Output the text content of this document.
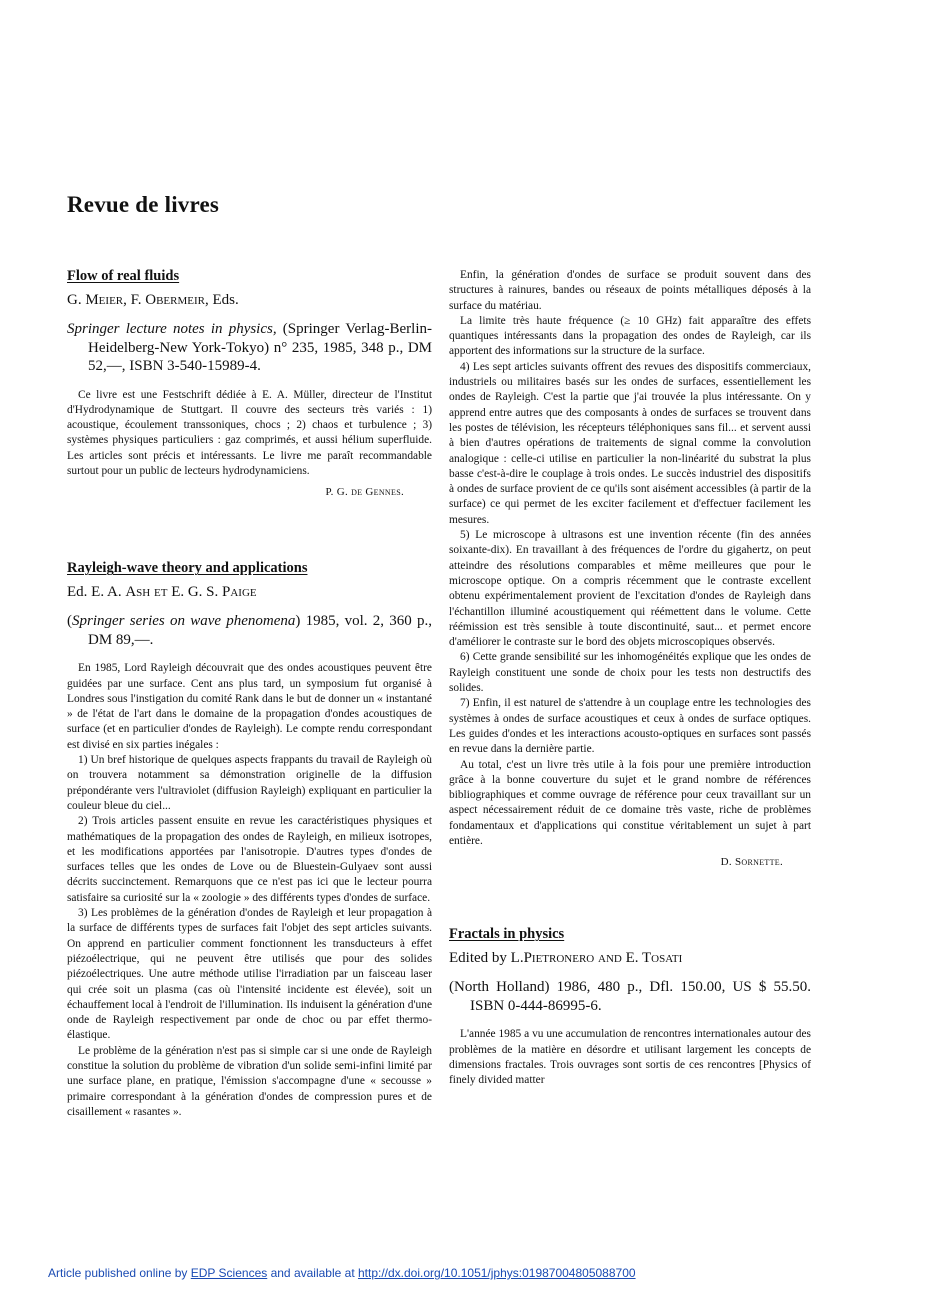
Revue de livres
Flow of real fluids
G. Meier, F. Obermeir, Eds.

Springer lecture notes in physics, (Springer Verlag-Berlin-Heidelberg-New York-Tokyo) n° 235, 1985, 348 p., DM 52,—, ISBN 3-540-15989-4.

Ce livre est une Festschrift dédiée à E. A. Müller, directeur de l'Institut d'Hydrodynamique de Stuttgart. Il couvre des secteurs très variés : 1) acoustique, écoulement transsoniques, chocs ; 2) chaos et turbulence ; 3) systèmes physiques particuliers : gaz comprimés, et aussi hélium superfluide. Les articles sont précis et intéressants. Le livre me paraît recommandable surtout pour un public de lecteurs hydrodynamiciens.

P. G. de Gennes.
Rayleigh-wave theory and applications
Ed. E. A. Ash et E. G. S. Paige

(Springer series on wave phenomena) 1985, vol. 2, 360 p., DM 89,—.

En 1985, Lord Rayleigh découvrait que des ondes acoustiques peuvent être guidées par une surface. Cent ans plus tard, un symposium fut organisé à Londres sous l'instigation du comité Rank dans le but de donner un « instantané » de l'état de l'art dans le domaine de la propagation d'ondes acoustiques de surface (et en particulier d'ondes de Rayleigh). Le compte rendu correspondant est divisé en six parties inégales :

1) Un bref historique de quelques aspects frappants du travail de Rayleigh où on trouvera notamment sa démonstration originelle de la diffusion prépondérante vers l'ultraviolet (diffusion Rayleigh) expliquant en particulier la couleur bleue du ciel...

2) Trois articles passent ensuite en revue les caractéristiques physiques et mathématiques de la propagation des ondes de Rayleigh, en milieux isotropes, et les modifications apportées par l'anisotropie. D'autres types d'ondes de surfaces telles que les ondes de Love ou de Bluestein-Gulyaev sont aussi décrits succinctement. Remarquons que ce n'est pas ici que le lecteur pourra satisfaire sa curiosité sur la « zoologie » des différents types d'ondes de surface.

3) Les problèmes de la génération d'ondes de Rayleigh et leur propagation à la surface de différents types de surfaces fait l'objet des sept articles suivants. On apprend en particulier comment fonctionnent les transducteurs à effet piézoélectrique, qui ne peuvent être utilisés que pour des solides piézoélectriques. Une autre méthode utilise l'irradiation par un faisceau laser qui crée soit un plasma (cas où l'intensité incidente est élevée), soit un échauffement local à l'endroit de l'illumination. Ils induisent la génération d'une onde de Rayleigh respectivement par onde de choc ou par effet thermo-élastique.

Le problème de la génération n'est pas si simple car si une onde de Rayleigh constitue la solution du problème de vibration d'un solide semi-infini limité par une surface plane, en pratique, l'émission s'accompagne d'une « secousse » primaire correspondant à la génération d'ondes de compression pures et de cisaillement « rasantes ».

Enfin, la génération d'ondes de surface se produit souvent dans des structures à rainures, bandes ou réseaux de points métalliques déposés à la surface du matériau.

La limite très haute fréquence (≥ 10 GHz) fait apparaître des effets quantiques intéressants dans la propagation des ondes de Rayleigh, car ils apportent des informations sur la structure de la surface.

4) Les sept articles suivants offrent des revues des dispositifs commerciaux, industriels ou militaires basés sur les ondes de surfaces, essentiellement les ondes de Rayleigh. C'est la partie que j'ai trouvée la plus intéressante. On y apprend entre autres que des composants à ondes de surfaces se trouvent dans les postes de télévision, les récepteurs téléphoniques sans fil... et servent aussi à bien d'autres opérations de traitements de signal comme la convolution analogique : celle-ci utilise en particulier la non-linéarité du substrat la plus basse c'est-à-dire le couplage à trois ondes. Le succès industriel des dispositifs à ondes de surface provient de ce qu'ils sont aisément accessibles (à partir de la surface) ce qui permet de les exciter facilement et d'effectuer facilement les mesures.

5) Le microscope à ultrasons est une invention récente (fin des années soixante-dix). En travaillant à des fréquences de l'ordre du gigahertz, on peut atteindre des résolutions comparables et même meilleures que pour le microscope optique. On a compris récemment que le contraste excellent obtenu expérimentalement provient de l'excitation d'ondes de Rayleigh dans l'échantillon illuminé acoustiquement qui réémettent dans le volume. Cette réémission est très sensible à toute discontinuité, saut... et permet encore d'améliorer le contraste sur le bord des objets microscopiques observés.

6) Cette grande sensibilité sur les inhomogénéités explique que les ondes de Rayleigh constituent une sonde de choix pour les tests non destructifs des solides.

7) Enfin, il est naturel de s'attendre à un couplage entre les technologies des systèmes à ondes de surface acoustiques et ceux à ondes de surface optiques. Les guides d'ondes et les interactions acousto-optiques en surfaces sont passés en revue dans la dernière partie.

Au total, c'est un livre très utile à la fois pour une première introduction grâce à la bonne couverture du sujet et le grand nombre de références bibliographiques et comme ouvrage de référence pour ceux travaillant sur un aspect nécessairement réduit de ce domaine très vaste, riche de problèmes fondamentaux et d'applications qui constitue véritablement un sujet à part entière.

D. Sornette.
Fractals in physics
Edited by L.Pietronero and E. Tosati

(North Holland) 1986, 480 p., Dfl. 150.00, US $ 55.50. ISBN 0-444-86995-6.

L'année 1985 a vu une accumulation de rencontres internationales autour des problèmes de la matière en désordre et utilisant largement les concepts de dimensions fractales. Trois ouvrages sont sortis de ces rencontres [Physics of finely divided matter

Article published online by EDP Sciences and available at http://dx.doi.org/10.1051/jphys:01987004805088700
